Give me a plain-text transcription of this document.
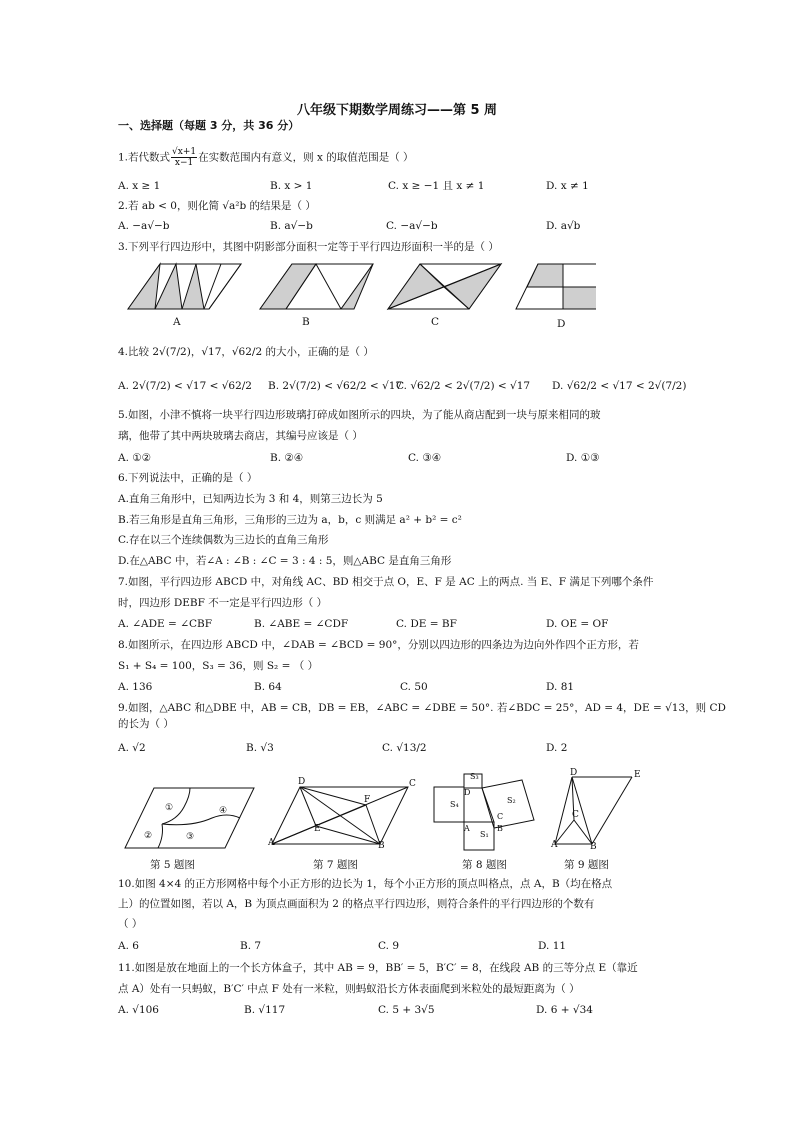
八年级下期数学周练习——第 5 周
一、选择题（每题 3 分，共 36 分）
1.若代数式 $\frac{√x+1}{x-1}$ 在实数范围内有意义，则 x 的取值范围是（ ）
A. x ≥ 1	B. x > 1	C. x ≥ −1 且 x ≠ 1	D. x ≠ 1
2.若 ab < 0，则化简 √a²b 的结果是（ ）
A. −a√−b	B. a√−b	C. −a√−b	D. a√b
3.下列平行四边形中，其图中阴影部分面积一定等于平行四边形面积一半的是（ ）
A	B	C	D
4.比较 2√(7/2)，√17，√62/2 的大小，正确的是（ ）
A. 2√(7/2) < √17 < √62/2 B. 2√(7/2) < √62/2 < √17
C. √62/2 < 2√(7/2) < √17 D. √62/2 < √17 < 2√(7/2)
5.如图，小津不慎将一块平行四边形玻璃打碎成如图所示的四块，为了能从商店配到一块与原来相同的玻
璃，他带了其中两块玻璃去商店，其编号应该是（ ）
A. ①②	B. ②④	C. ③④	D. ①③
6.下列说法中，正确的是（ ）
A.直角三角形中，已知两边长为 3 和 4，则第三边长为 5
B.若三角形是直角三角形，三角形的三边为 a，b，c 则满足 a² + b² = c²
C.存在以三个连续偶数为三边长的直角三角形
D.在△ABC 中，若∠A : ∠B : ∠C = 3 : 4 : 5，则△ABC 是直角三角形
7.如图，平行四边形 ABCD 中，对角线 AC、BD 相交于点 O，E、F 是 AC 上的两点. 当 E、F 满足下列哪个条件
时，四边形 DEBF 不一定是平行四边形（ ）
A. ∠ADE = ∠CBF	B. ∠ABE = ∠CDF	C. DE = BF	D. OE = OF
8.如图所示，在四边形 ABCD 中，∠DAB = ∠BCD = 90°，分别以四边形的四条边为边向外作四个正方形，若
S₁ + S₄ = 100，S₃ = 36，则 S₂ = （ ）
A. 136	B. 64	C. 50	D. 81
9.如图，△ABC 和△DBE 中，AB = CB，DB = EB，∠ABC = ∠DBE = 50°. 若∠BDC = 25°，AD = 4，DE = √13，则 CD
的长为（ ）
A. √2	B. √3	C. √13/2	D. 2
①
②	③
④
D	C
A	B
F
E
S₃
D
S₄	S₂
A	B
C
S₁
D	E
C
A	B
第 5 题图	第 7 题图	第 8 题图	第 9 题图
10.如图 4×4 的正方形网格中每个小正方形的边长为 1，每个小正方形的顶点叫格点，点 A，B（均在格点
上）的位置如图，若以 A，B 为顶点画面积为 2 的格点平行四边形，则符合条件的平行四边形的个数有
（ ）
A. 6	B. 7	C. 9	D. 11
11.如图是放在地面上的一个长方体盒子，其中 AB = 9，BB′ = 5，B′C′ = 8，在线段 AB 的三等分点 E（靠近
点 A）处有一只蚂蚁，B′C′ 中点 F 处有一米粒，则蚂蚁沿长方体表面爬到米粒处的最短距离为（ ）
A. √106	B. √117	C. 5 + 3√5	D. 6 + √34
